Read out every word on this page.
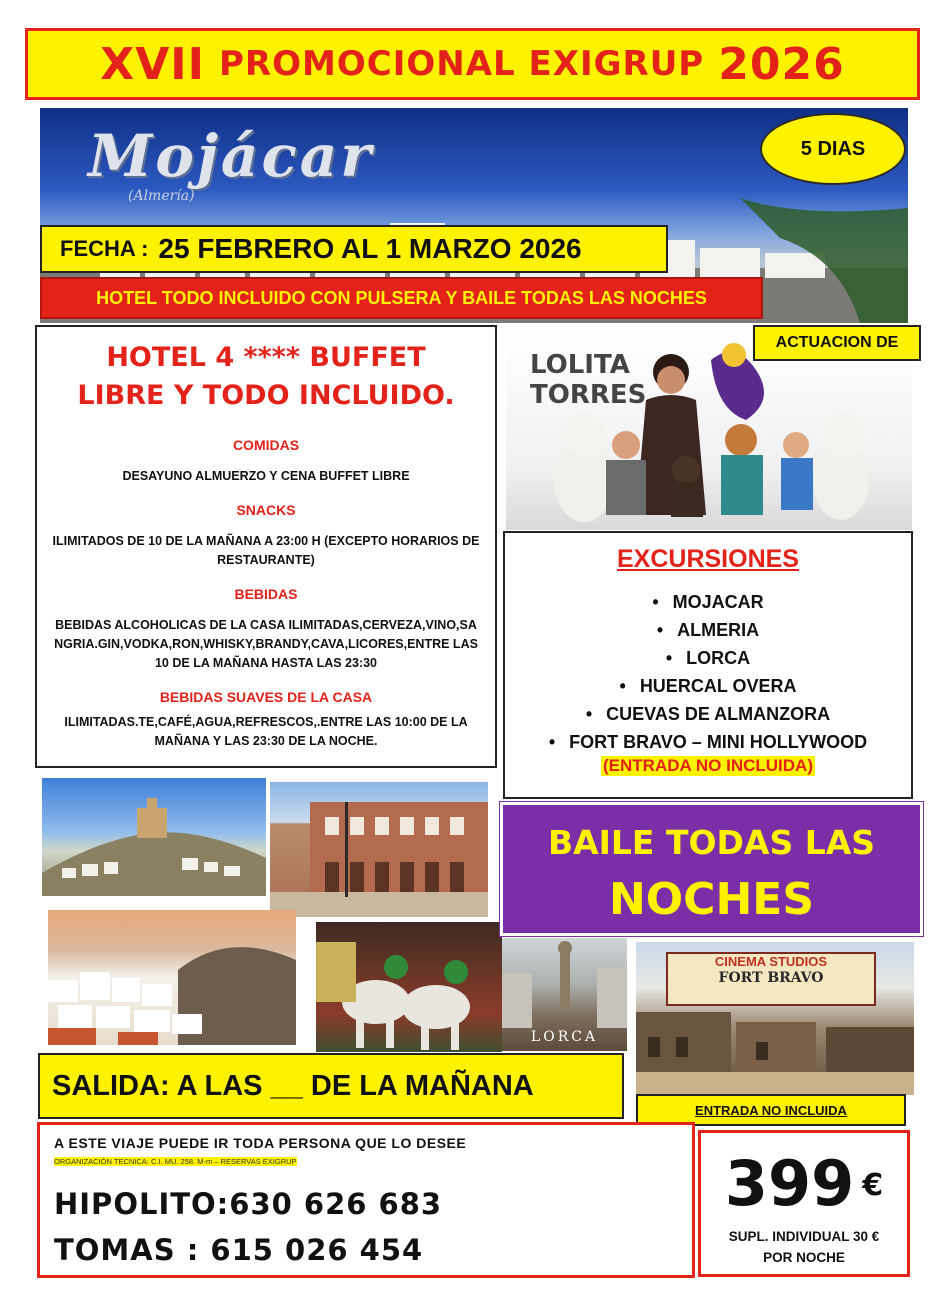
XVII PROMOCIONAL EXIGRUP 2026
Mojácar
(Almería)
5 DIAS
FECHA : 25 FEBRERO AL 1 MARZO 2026
HOTEL TODO INCLUIDO CON PULSERA Y BAILE TODAS LAS NOCHES
HOTEL 4 **** BUFFET
LIBRE Y TODO INCLUIDO.
COMIDAS
DESAYUNO ALMUERZO Y CENA BUFFET LIBRE
SNACKS
ILIMITADOS DE 10 DE LA MAÑANA A 23:00 H (EXCEPTO HORARIOS DE RESTAURANTE)
BEBIDAS
BEBIDAS ALCOHOLICAS DE LA CASA ILIMITADAS,CERVEZA,VINO,SANGRIA.GIN,VODKA,RON,WHISKY,BRANDY,CAVA,LICORES,ENTRE LAS 10 DE LA MAÑANA HASTA LAS 23:30
BEBIDAS SUAVES DE LA CASA
ILIMITADAS.TE,CAFÉ,AGUA,REFRESCOS,.ENTRE LAS 10:00 DE LA MAÑANA Y LAS 23:30 DE LA NOCHE.
LOLITA
TORRES
ACTUACION DE
EXCURSIONES
• MOJACAR
• ALMERIA
• LORCA
• HUERCAL OVERA
• CUEVAS DE ALMANZORA
• FORT BRAVO – MINI HOLLYWOOD
(ENTRADA NO INCLUIDA)
LORCA
BAILE TODAS LAS
NOCHES
CINEMA STUDIOS
FORT BRAVO
SALIDA: A LAS __ DE LA MAÑANA
ENTRADA NO INCLUIDA
A ESTE VIAJE PUEDE IR TODA PERSONA QUE LO DESEE
ORGANIZACIÓN TECNICA: C.I. MU. 258. M-m – RESERVAS EXIGRUP
HIPOLITO:630 626 683
TOMAS : 615 026 454
399 €
SUPL. INDIVIDUAL 30 €
POR NOCHE
